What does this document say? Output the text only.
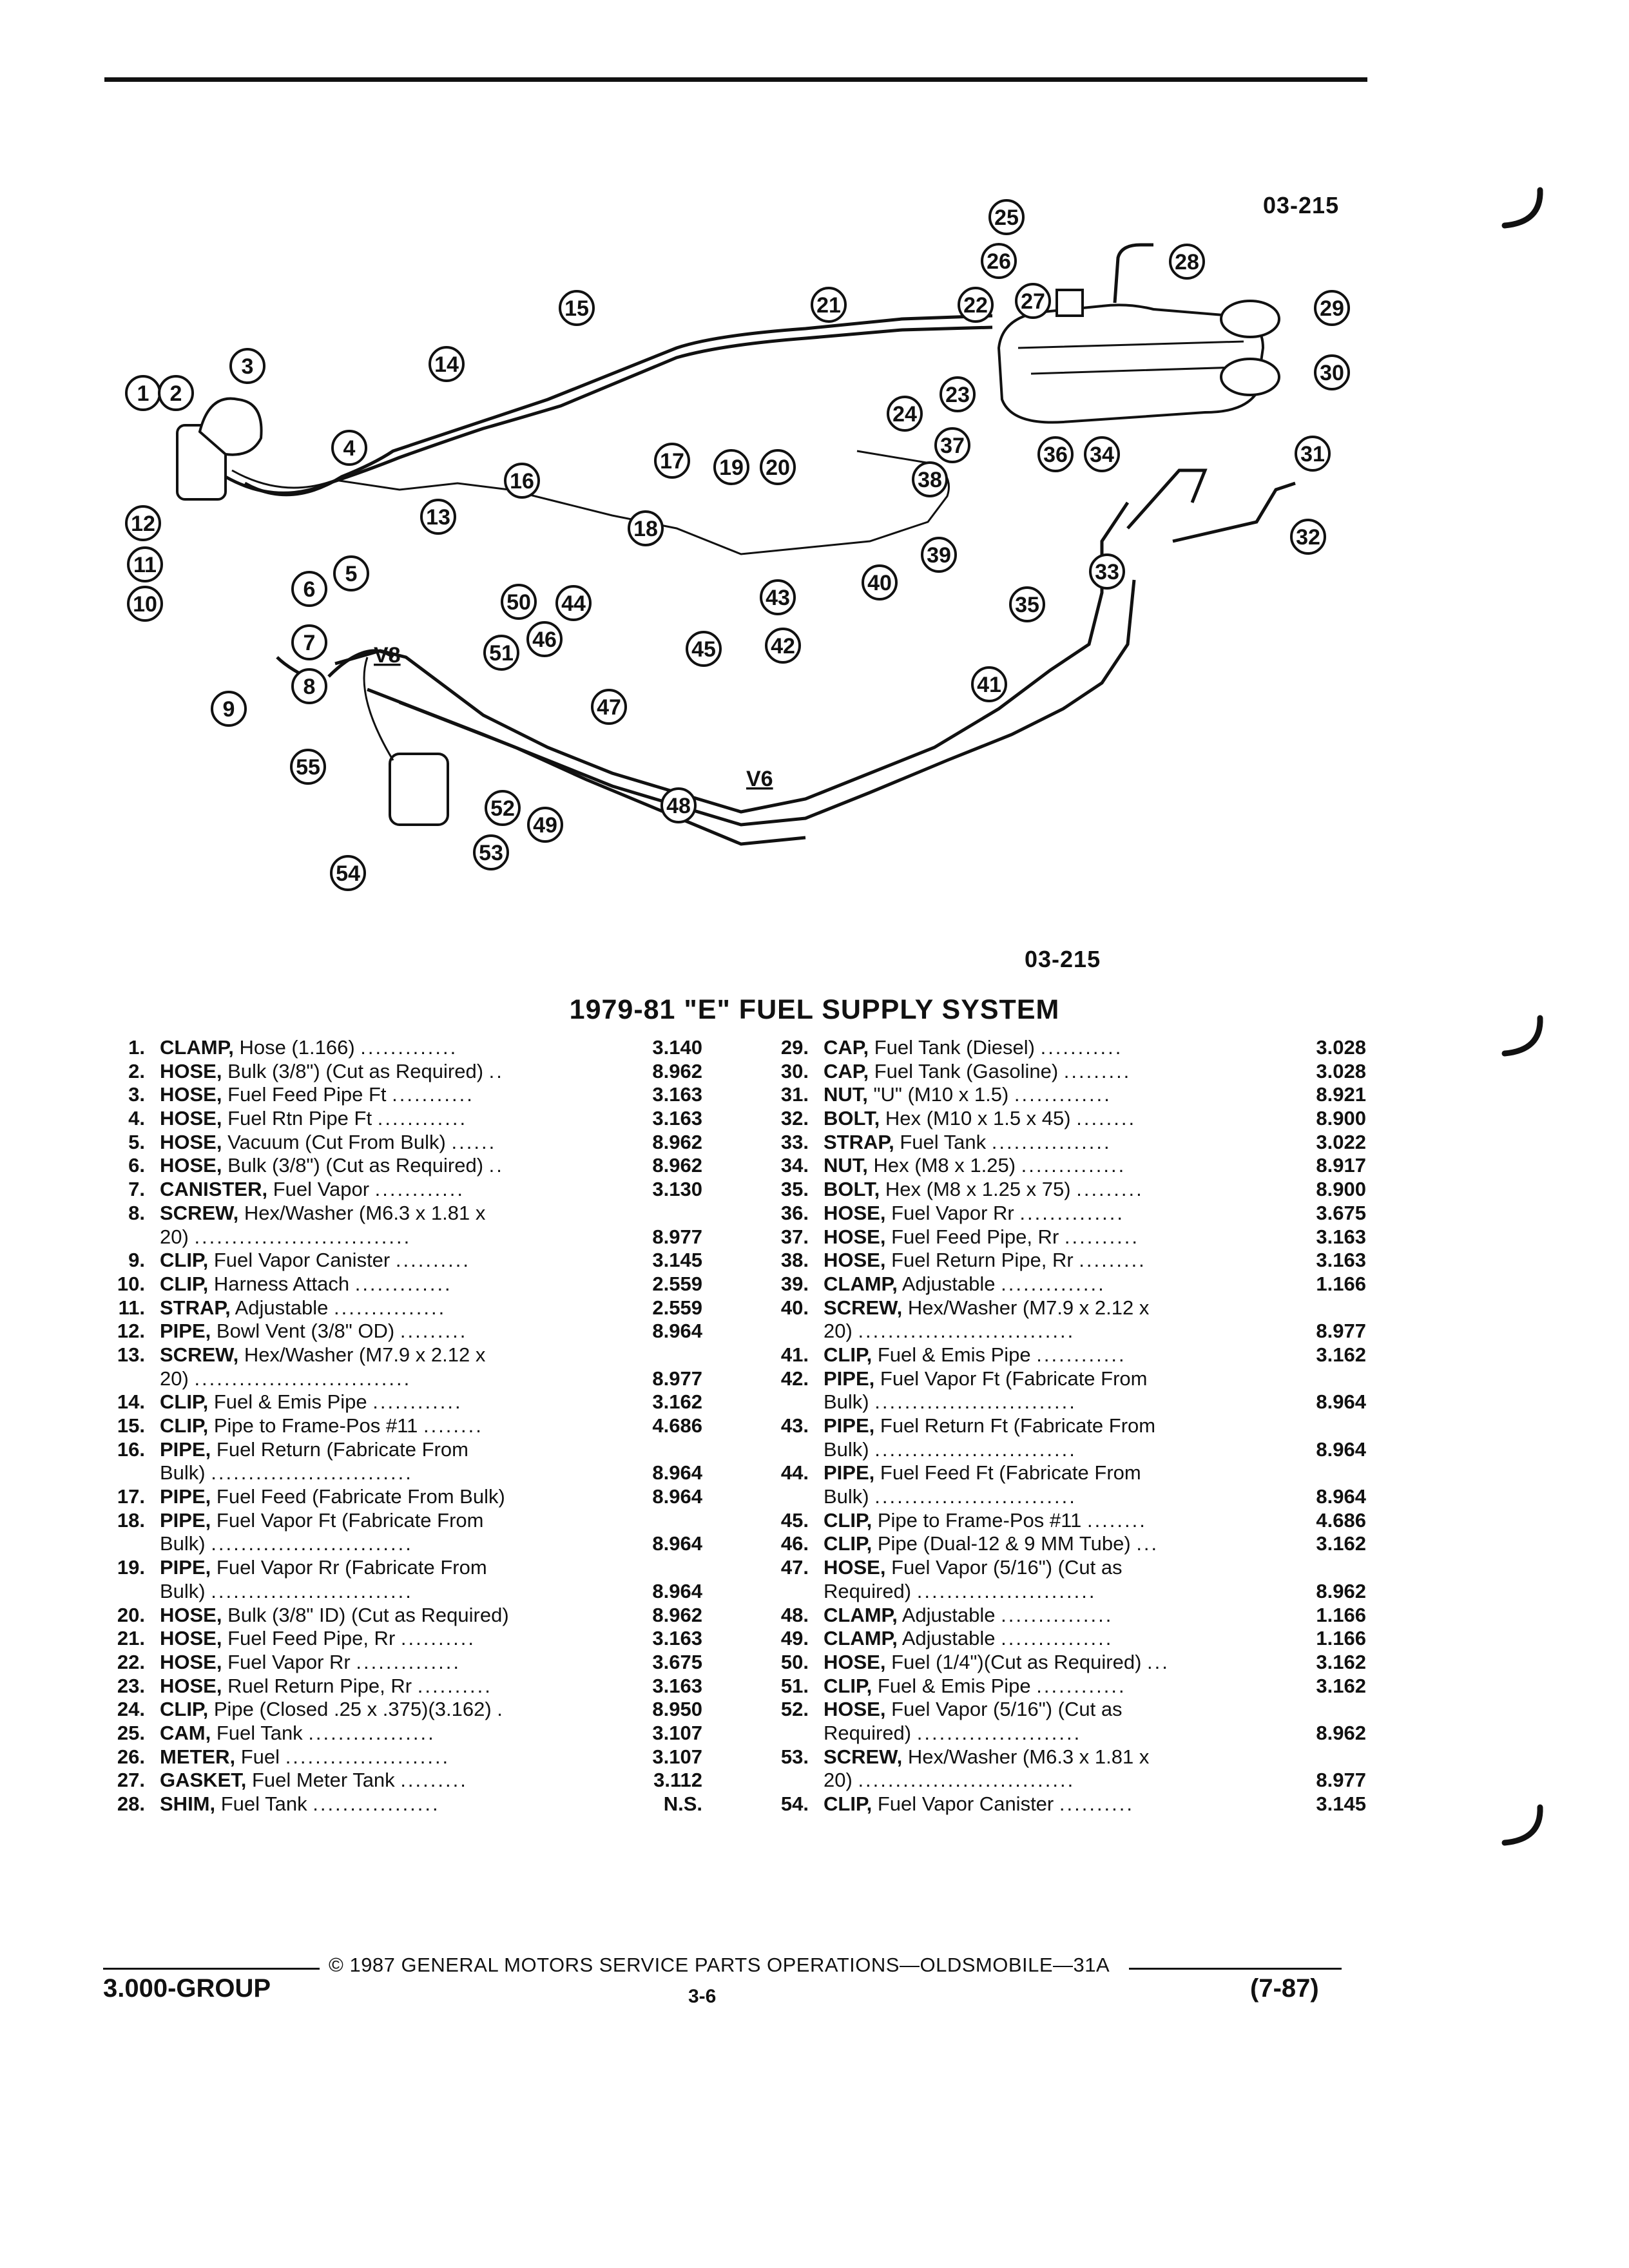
03-215
1 2
3
4
5
6
7
8
9
10
11
12	13
14
15
16
17
18
19 20
21	22
23
24
25
26
27
28
29
30
31
32
33
34
35
36
37
38
39
40
41
42
43
44
45
46
47
48
49
50
51
52
53
54
55
V8
V6
03-215
1979-81 "E" FUEL SUPPLY SYSTEM
1. CLAMP, Hose (1.166) .............	3.140
2. HOSE, Bulk (3/8") (Cut as Required) ..	8.962
3. HOSE, Fuel Feed Pipe Ft ...........	3.163
4. HOSE, Fuel Rtn Pipe Ft ............	3.163
5. HOSE, Vacuum (Cut From Bulk) ......	8.962
6. HOSE, Bulk (3/8") (Cut as Required) ..	8.962
7. CANISTER, Fuel Vapor ............	3.130
8. SCREW, Hex/Washer (M6.3 x 1.81 x
20) .............................	8.977
9. CLIP, Fuel Vapor Canister ..........	3.145
10. CLIP, Harness Attach .............	2.559
11. STRAP, Adjustable ...............	2.559
12. PIPE, Bowl Vent (3/8" OD) .........	8.964
13. SCREW, Hex/Washer (M7.9 x 2.12 x
20) .............................	8.977
14. CLIP, Fuel & Emis Pipe ............	3.162
15. CLIP, Pipe to Frame-Pos #11 ........	4.686
16. PIPE, Fuel Return (Fabricate From
Bulk) ...........................	8.964
17. PIPE, Fuel Feed (Fabricate From Bulk)	8.964
18. PIPE, Fuel Vapor Ft (Fabricate From
Bulk) ...........................	8.964
19. PIPE, Fuel Vapor Rr (Fabricate From
Bulk) ...........................	8.964
20. HOSE, Bulk (3/8" ID) (Cut as Required)	8.962
21. HOSE, Fuel Feed Pipe, Rr ..........	3.163
22. HOSE, Fuel Vapor Rr ..............	3.675
23. HOSE, Ruel Return Pipe, Rr ..........	3.163
24. CLIP, Pipe (Closed .25 x .375)(3.162) .	8.950
25. CAM, Fuel Tank .................	3.107
26. METER, Fuel ......................	3.107
27. GASKET, Fuel Meter Tank .........	3.112
28. SHIM, Fuel Tank .................	N.S.
29. CAP, Fuel Tank (Diesel) ...........	3.028
30. CAP, Fuel Tank (Gasoline) .........	3.028
31. NUT, "U" (M10 x 1.5) .............	8.921
32. BOLT, Hex (M10 x 1.5 x 45) ........	8.900
33. STRAP, Fuel Tank ................	3.022
34. NUT, Hex (M8 x 1.25) ..............	8.917
35. BOLT, Hex (M8 x 1.25 x 75) .........	8.900
36. HOSE, Fuel Vapor Rr ..............	3.675
37. HOSE, Fuel Feed Pipe, Rr ..........	3.163
38. HOSE, Fuel Return Pipe, Rr .........	3.163
39. CLAMP, Adjustable ..............	1.166
40. SCREW, Hex/Washer (M7.9 x 2.12 x
20) .............................	8.977
41. CLIP, Fuel & Emis Pipe ............	3.162
42. PIPE, Fuel Vapor Ft (Fabricate From
Bulk) ...........................	8.964
43. PIPE, Fuel Return Ft (Fabricate From
Bulk) ...........................	8.964
44. PIPE, Fuel Feed Ft (Fabricate From
Bulk) ...........................	8.964
45. CLIP, Pipe to Frame-Pos #11 ........	4.686
46. CLIP, Pipe (Dual-12 & 9 MM Tube) ...	3.162
47. HOSE, Fuel Vapor (5/16") (Cut as
Required) ........................	8.962
48. CLAMP, Adjustable ...............	1.166
49. CLAMP, Adjustable ...............	1.166
50. HOSE, Fuel (1/4")(Cut as Required) ...	3.162
51. CLIP, Fuel & Emis Pipe ............	3.162
52. HOSE, Fuel Vapor (5/16") (Cut as
Required) ......................	8.962
53. SCREW, Hex/Washer (M6.3 x 1.81 x
20) .............................	8.977
54. CLIP, Fuel Vapor Canister ..........	3.145
© 1987 GENERAL MOTORS SERVICE PARTS OPERATIONS—OLDSMOBILE—31A
3.000-GROUP	3-6	(7-87)
